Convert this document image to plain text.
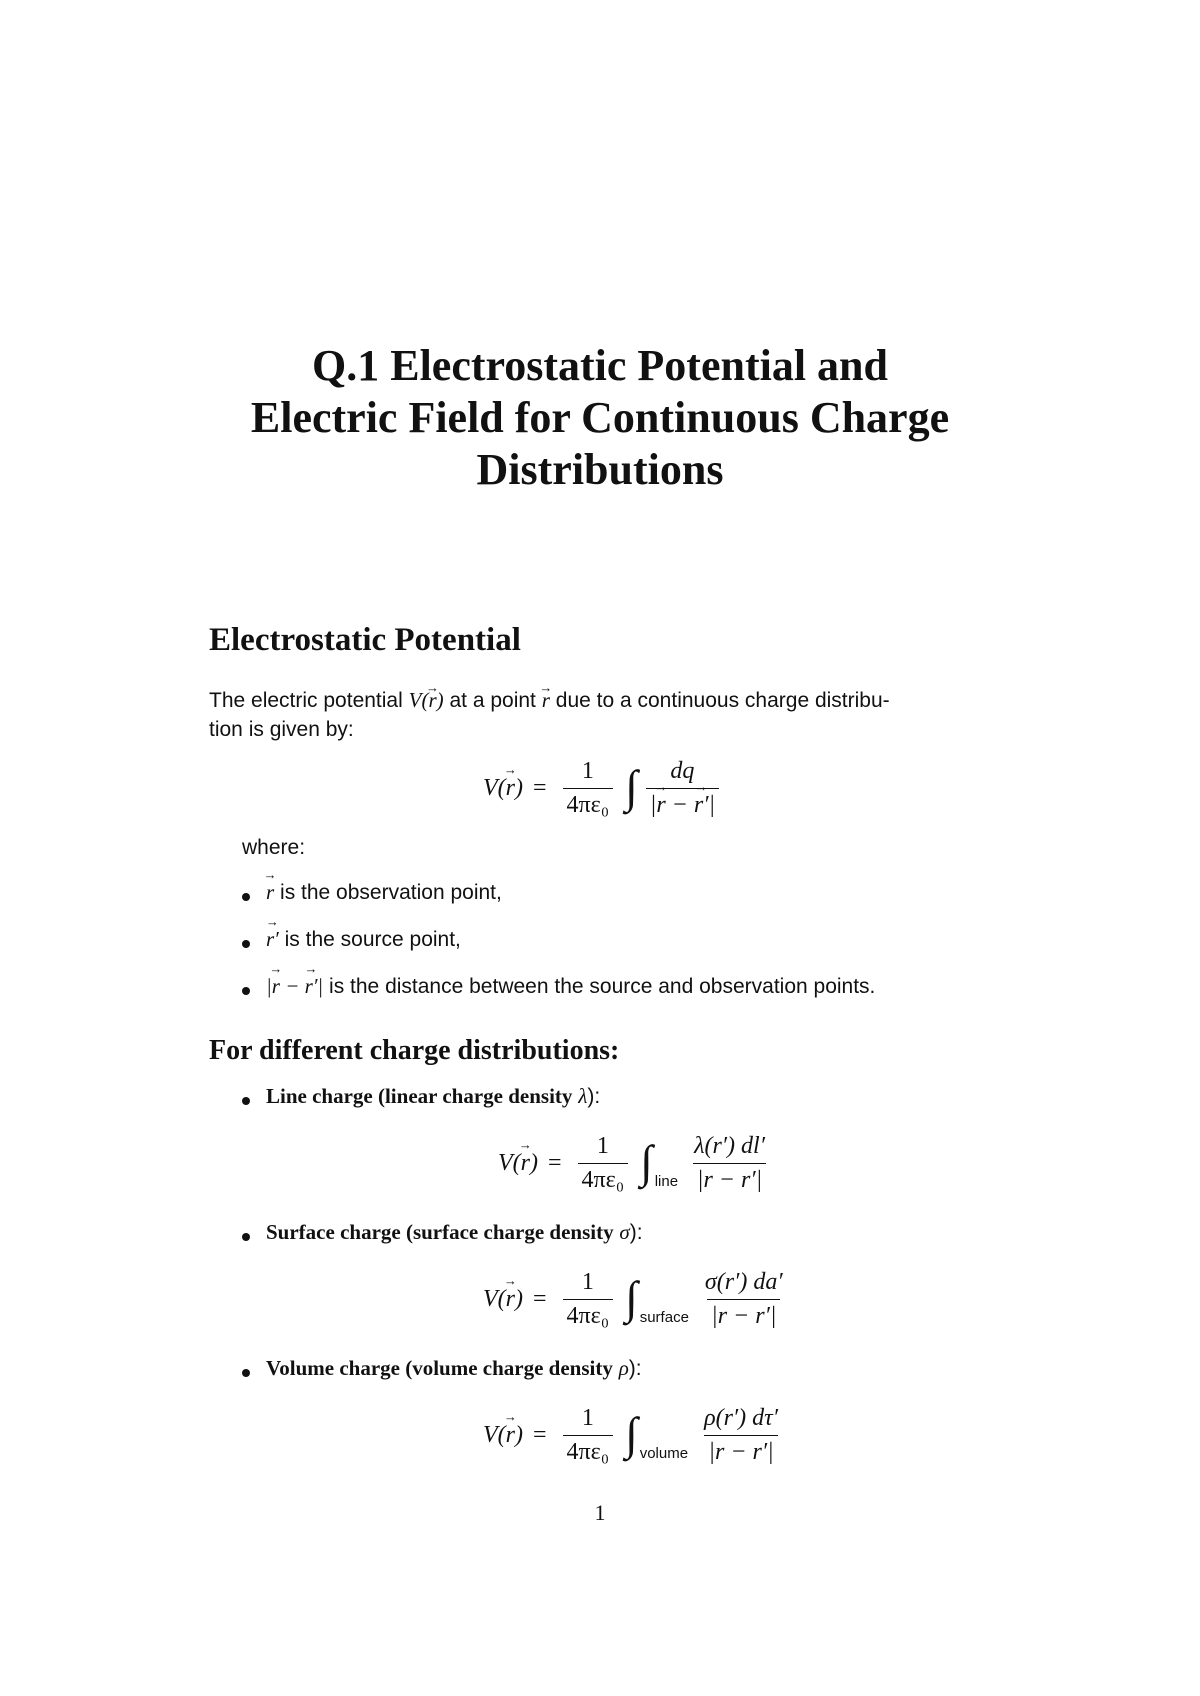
Q.1 Electrostatic Potential and
Electric Field for Continuous Charge
Distributions
Electrostatic Potential
The electric potential V(r →) at a point r → due to a continuous charge distribu-
tion is given by:
V(r →) = $\frac{1}{\text{4πε₀}}$ ∫ $\frac{dq}{|r \to - r' \to|}$
where:
r → is the observation point,
r′ → is the source point,
|r → − r′ →| is the distance between the source and observation points.
For different charge distributions:
Line charge (linear charge density λ):
V(r →) = $\frac{1}{\text{4πε₀}}$ ∫ line $\frac{\lambda(r') dl'}{|r - r'|}$
Surface charge (surface charge density σ):
V(r →) = $\frac{1}{\text{4πε₀}}$ ∫ surface $\frac{\sigma(r') da'}{|r - r'|}$
Volume charge (volume charge density ρ):
V(r →) = $\frac{1}{\text{4πε₀}}$ ∫ volume $\frac{\rho(r') d\tau'}{|r - r'|}$
1
